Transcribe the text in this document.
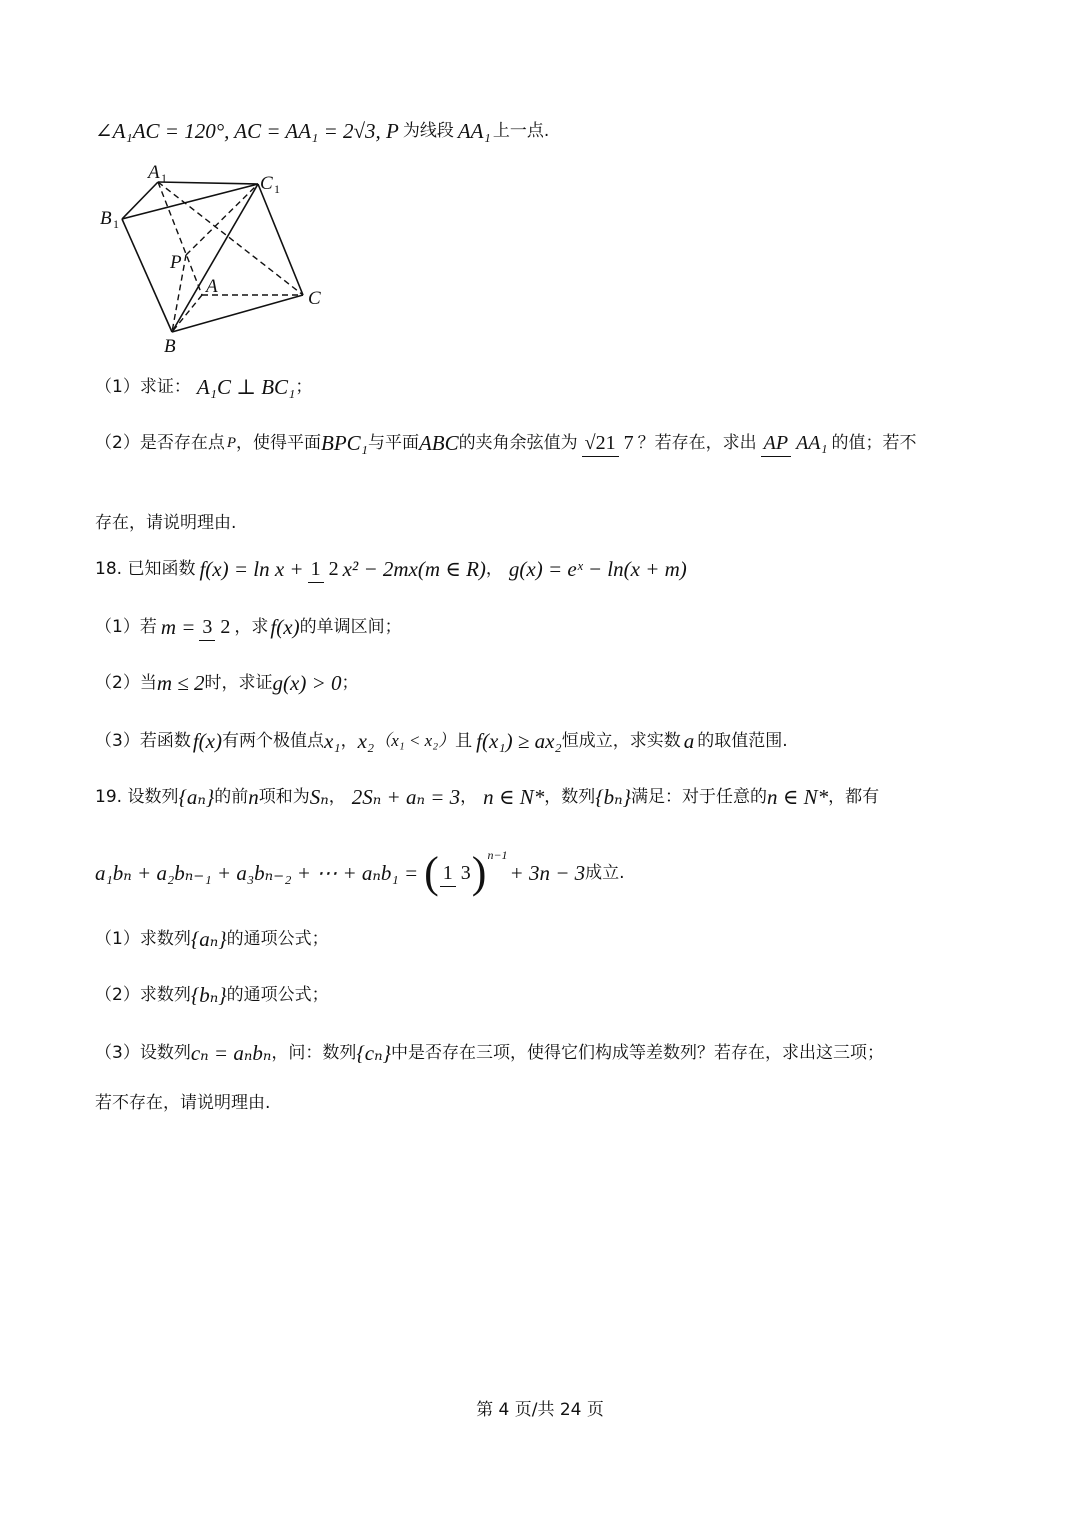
∠A₁AC = 120°, AC = AA₁ = 2√3, P 为线段 AA₁ 上一点.
A 1	C 1
B 1
P
A
C
B
（1）求证： A₁C ⊥ BC₁ ；
（2）是否存在点 P ，使得平面 BPC₁ 与平面 ABC 的夹角余弦值为 √21 7 ？若存在，求出 AP AA₁ 的值；若不
存在，请说明理由.
18. 已知函数 f(x) = ln x + 1 2 x² − 2mx(m ∈ R) ， g(x) = eˣ − ln(x + m)
（1）若 m = 3 2 ，求 f(x) 的单调区间；
（2）当 m ≤ 2 时，求证 g(x) > 0 ；
（3）若函数 f(x) 有两个极值点 x₁ ， x₂ （x₁ < x₂） 且 f(x₁) ≥ ax₂ 恒成立，求实数 a 的取值范围.
19. 设数列 {aₙ} 的前 n 项和为 Sₙ ， 2Sₙ + aₙ = 3 ， n ∈ N* ，数列 {bₙ} 满足：对于任意的 n ∈ N* ，都有
a₁bₙ + a₂bₙ₋₁ + a₃bₙ₋₂ + ⋯ + aₙb₁ = ( 1 3 ) n−1
+ 3n − 3 成立.
（1）求数列 {aₙ} 的通项公式；
（2）求数列 {bₙ} 的通项公式；
（3）设数列 cₙ = aₙbₙ ，问：数列 {cₙ} 中是否存在三项，使得它们构成等差数列？若存在，求出这三项；
若不存在，请说明理由.
第 4 页/共 24 页
